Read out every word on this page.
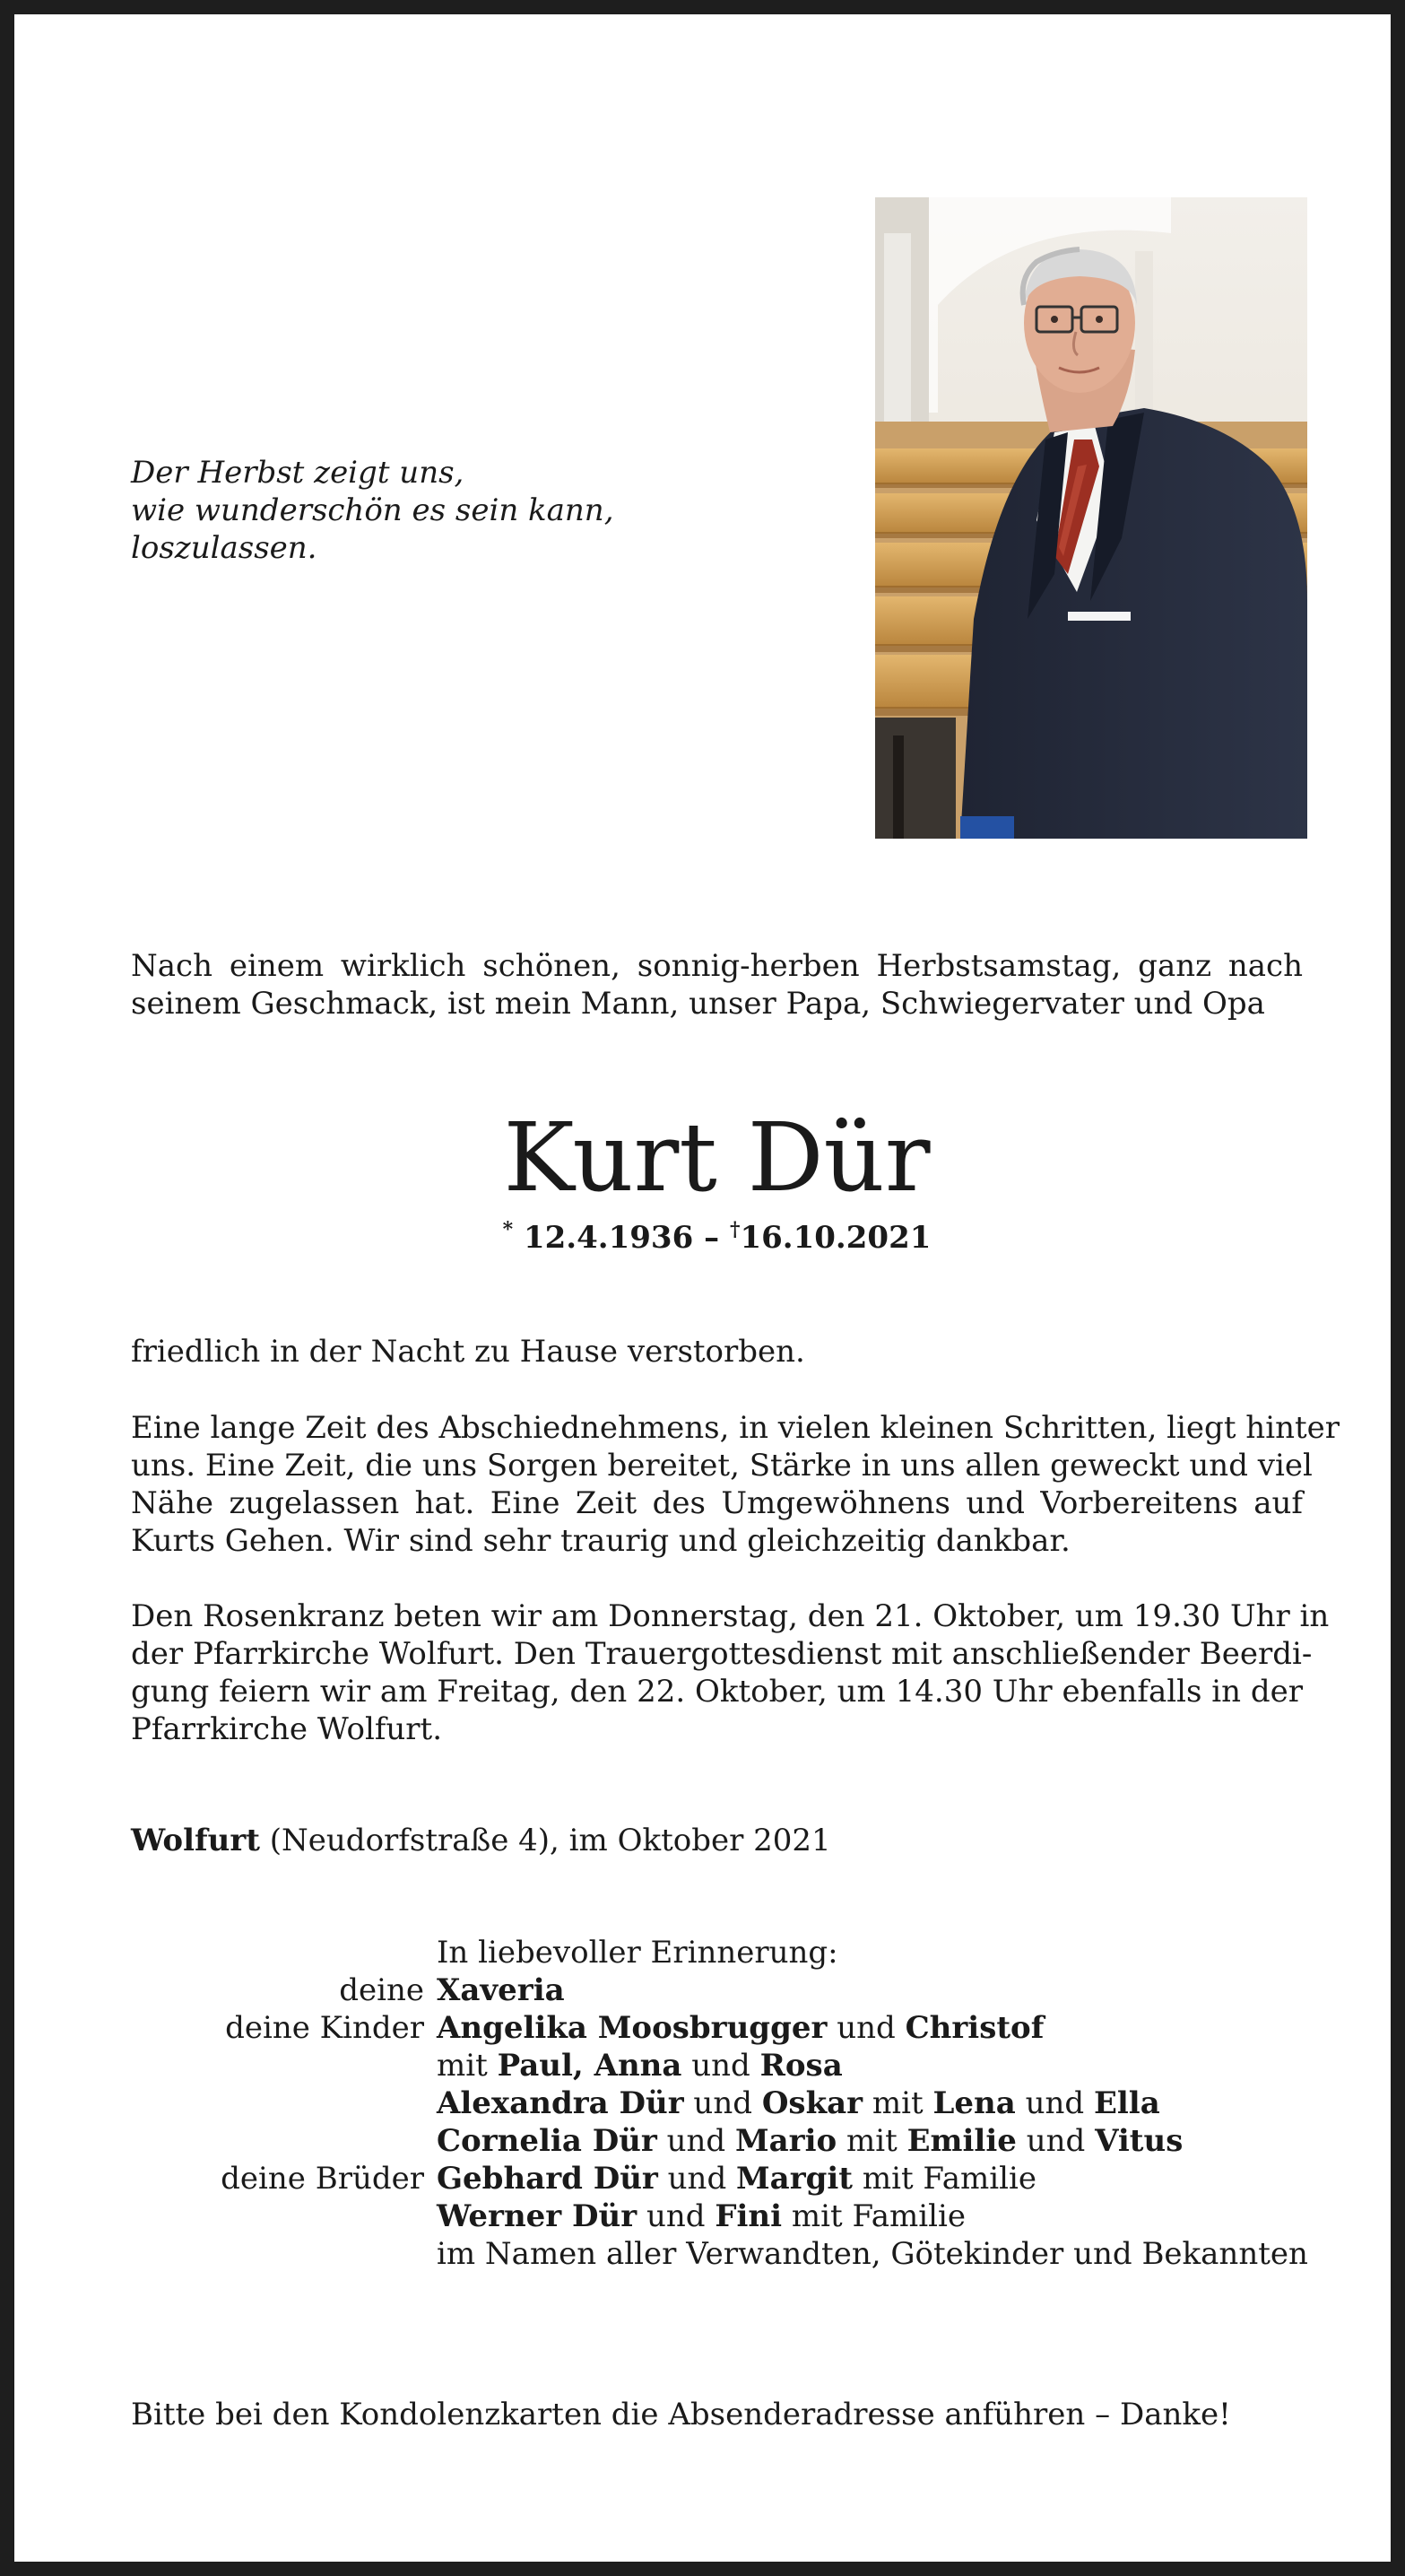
Der Herbst zeigt uns,
wie wunderschön es sein kann,
loszulassen.
Nach einem wirklich schönen, sonnig-herben Herbstsamstag, ganz nach
seinem Geschmack, ist mein Mann, unser Papa, Schwiegervater und Opa
Kurt Dür
* 12.4.1936 – †16.10.2021
friedlich in der Nacht zu Hause verstorben.
Eine lange Zeit des Abschiednehmens, in vielen kleinen Schritten, liegt hinter
uns. Eine Zeit, die uns Sorgen bereitet, Stärke in uns allen geweckt und viel
Nähe zugelassen hat. Eine Zeit des Umgewöhnens und Vorbereitens auf
Kurts Gehen. Wir sind sehr traurig und gleichzeitig dankbar.
Den Rosenkranz beten wir am Donnerstag, den 21. Oktober, um 19.30 Uhr in
der Pfarrkirche Wolfurt. Den Trauergottesdienst mit anschließender Beerdi-
gung feiern wir am Freitag, den 22. Oktober, um 14.30 Uhr ebenfalls in der
Pfarrkirche Wolfurt.
Wolfurt (Neudorfstraße 4), im Oktober 2021
In liebevoller Erinnerung:
deine Xaveria
deine Kinder Angelika Moosbrugger und Christof
mit Paul, Anna und Rosa
Alexandra Dür und Oskar mit Lena und Ella
Cornelia Dür und Mario mit Emilie und Vitus
deine Brüder Gebhard Dür und Margit mit Familie
Werner Dür und Fini mit Familie
im Namen aller Verwandten, Götekinder und Bekannten
Bitte bei den Kondolenzkarten die Absenderadresse anführen – Danke!
